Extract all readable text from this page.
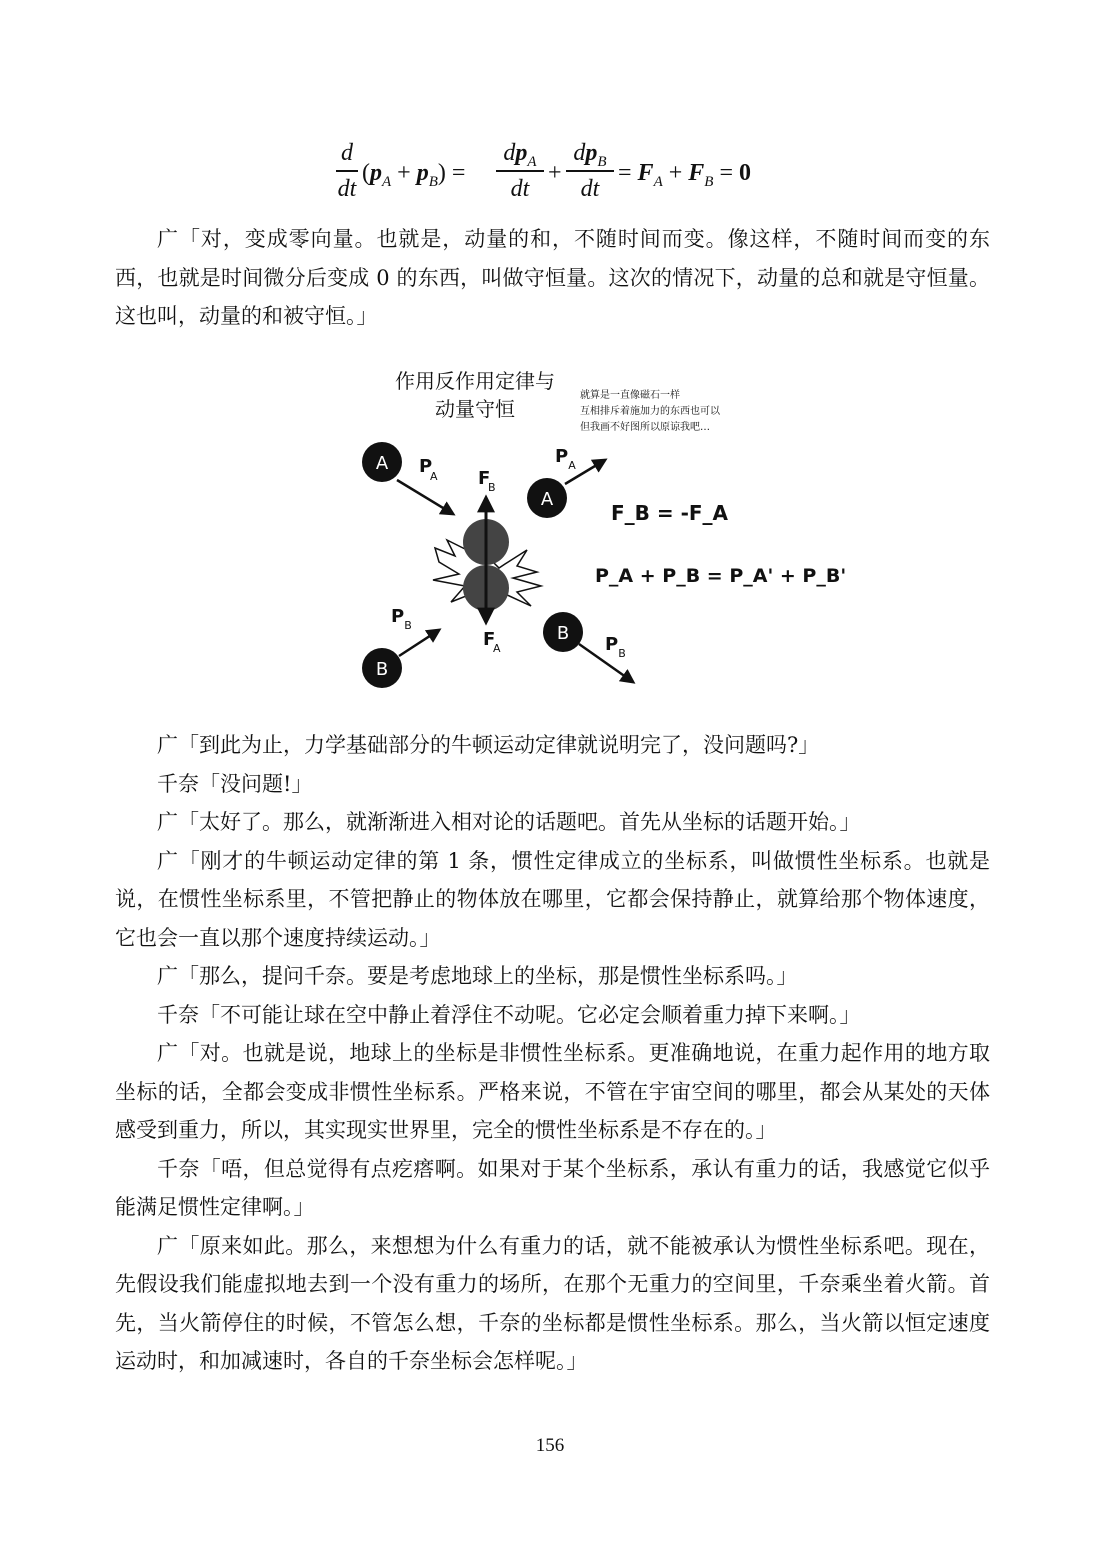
d
dt
$(p_A + p_B)$ =
$dp_A$
dt
+
$dp_B$
dt
= $F_A + F_B = 0$

广「对，变成零向量。也就是，动量的和，不随时间而变。像这样，不随时间而变的东西，也就是时间微分后变成 0 的东西，叫做守恒量。这次的情况下，动量的总和就是守恒量。这也叫，动量的和被守恒。」

作用反作用定律与
动量守恒
就算是一直像磁石一样
互相排斥着施加力的东西也可以
但我画不好图所以原谅我吧…
A P
A F
B
F
A
A
$P_A$
B
$P_B$	B
$P_B$
F_B = -F_A
P_A + P_B = P_A' + P_B'

广「到此为止，力学基础部分的牛顿运动定律就说明完了，没问题吗?」

千奈「没问题!」

广「太好了。那么，就渐渐进入相对论的话题吧。首先从坐标的话题开始。」

广「刚才的牛顿运动定律的第 1 条，惯性定律成立的坐标系，叫做惯性坐标系。也就是说，在惯性坐标系里，不管把静止的物体放在哪里，它都会保持静止，就算给那个物体速度，它也会一直以那个速度持续运动。」

广「那么，提问千奈。要是考虑地球上的坐标，那是惯性坐标系吗。」

千奈「不可能让球在空中静止着浮住不动呢。它必定会顺着重力掉下来啊。」

广「对。也就是说，地球上的坐标是非惯性坐标系。更准确地说，在重力起作用的地方取坐标的话，全都会变成非惯性坐标系。严格来说，不管在宇宙空间的哪里，都会从某处的天体感受到重力，所以，其实现实世界里，完全的惯性坐标系是不存在的。」

千奈「唔，但总觉得有点疙瘩啊。如果对于某个坐标系，承认有重力的话，我感觉它似乎能满足惯性定律啊。」

广「原来如此。那么，来想想为什么有重力的话，就不能被承认为惯性坐标系吧。现在，先假设我们能虚拟地去到一个没有重力的场所，在那个无重力的空间里，千奈乘坐着火箭。首先，当火箭停住的时候，不管怎么想，千奈的坐标都是惯性坐标系。那么，当火箭以恒定速度运动时，和加减速时，各自的千奈坐标会怎样呢。」

156
